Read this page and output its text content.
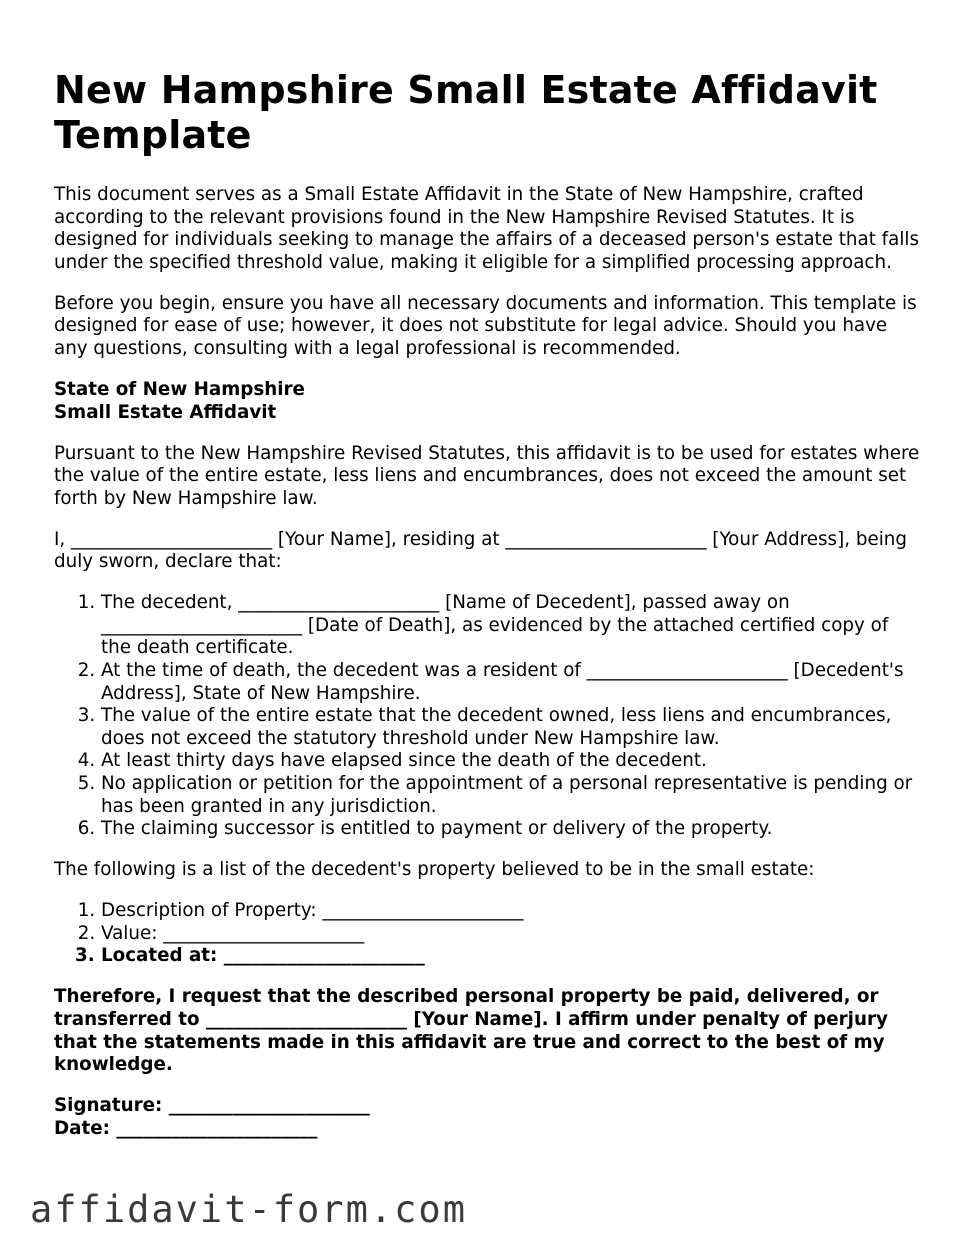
New Hampshire Small Estate Affidavit Template

This document serves as a Small Estate Affidavit in the State of New Hampshire, crafted according to the relevant provisions found in the New Hampshire Revised Statutes. It is designed for individuals seeking to manage the affairs of a deceased person's estate that falls under the specified threshold value, making it eligible for a simplified processing approach.

Before you begin, ensure you have all necessary documents and information. This template is designed for ease of use; however, it does not substitute for legal advice. Should you have any questions, consulting with a legal professional is recommended.

State of New Hampshire
Small Estate Affidavit

Pursuant to the New Hampshire Revised Statutes, this affidavit is to be used for estates where the value of the entire estate, less liens and encumbrances, does not exceed the amount set forth by New Hampshire law.

I, ______________________ [Your Name], residing at ______________________ [Your Address], being duly sworn, declare that:

1. The decedent, ______________________ [Name of Decedent], passed away on ______________________ [Date of Death], as evidenced by the attached certified copy of the death certificate.
2. At the time of death, the decedent was a resident of ______________________ [Decedent's Address], State of New Hampshire.
3. The value of the entire estate that the decedent owned, less liens and encumbrances, does not exceed the statutory threshold under New Hampshire law.
4. At least thirty days have elapsed since the death of the decedent.
5. No application or petition for the appointment of a personal representative is pending or has been granted in any jurisdiction.
6. The claiming successor is entitled to payment or delivery of the property.

The following is a list of the decedent's property believed to be in the small estate:

1. Description of Property: ______________________
2. Value: ______________________
3. Located at: ______________________

Therefore, I request that the described personal property be paid, delivered, or transferred to ______________________ [Your Name]. I affirm under penalty of perjury that the statements made in this affidavit are true and correct to the best of my knowledge.

Signature: ______________________
Date: ______________________

affidavit-form.com
